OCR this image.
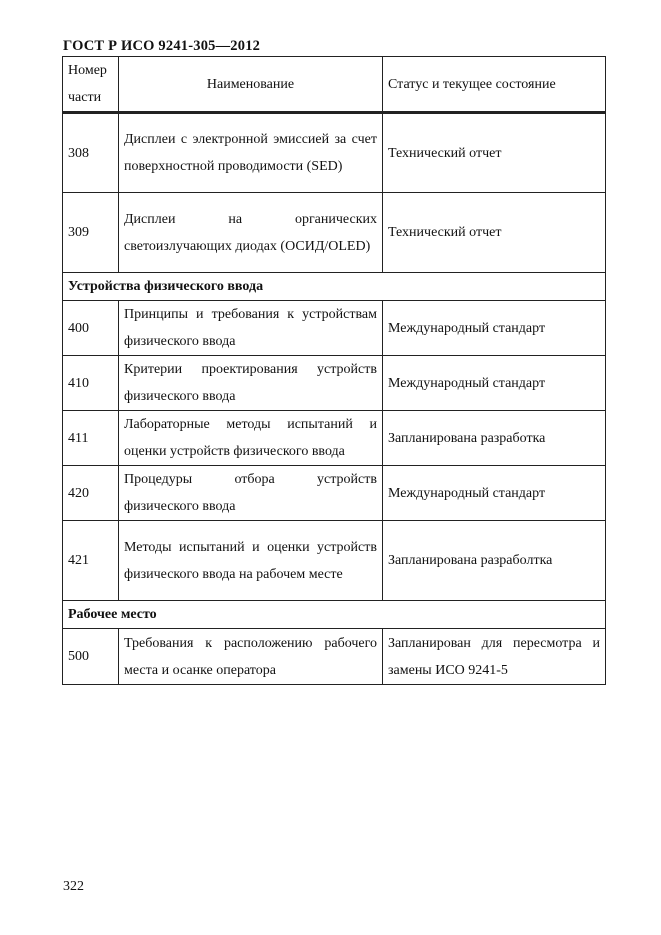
ГОСТ Р ИСО 9241-305—2012
Номер части	Наименование	Статус и текущее состояние
308	Дисплеи с электронной эмиссией за счет поверхностной проводимости (SED)	Технический отчет
309	Дисплеи на органических светоизлучающих диодах (ОСИД/OLED)	Технический отчет
Устройства физического ввода		
400	Принципы и требования к устройствам физического ввода	Международный стандарт
410	Критерии проектирования устройств физического ввода	Международный стандарт
411	Лабораторные методы испытаний и оценки устройств физического ввода	Запланирована разработка
420	Процедуры отбора устройств физического ввода	Международный стандарт
421	Методы испытаний и оценки устройств физического ввода на рабочем месте	Запланирована разраболтка
Рабочее место		
500	Требования к расположению рабочего места и осанке оператора	Запланирован для пересмотра и замены ИСО 9241-5
322
